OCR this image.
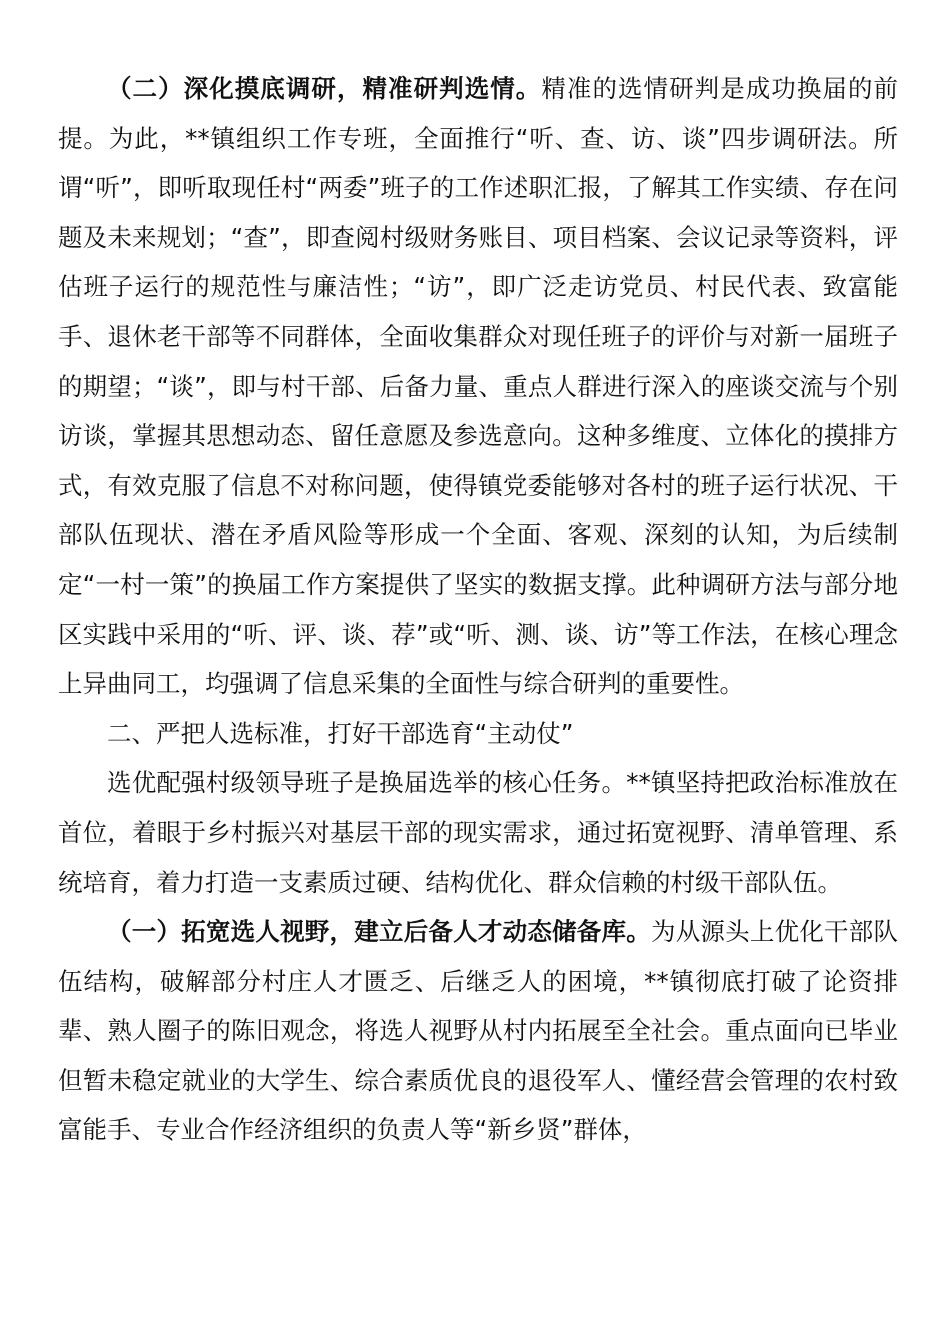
（二）深化摸底调研，精准研判选情。精准的选情研判是成功换届的前提。为此，**镇组织工作专班，全面推行“听、查、访、谈”四步调研法。所谓“听”，即听取现任村“两委”班子的工作述职汇报，了解其工作实绩、存在问题及未来规划；“查”，即查阅村级财务账目、项目档案、会议记录等资料，评估班子运行的规范性与廉洁性；“访”，即广泛走访党员、村民代表、致富能手、退休老干部等不同群体，全面收集群众对现任班子的评价与对新一届班子的期望；“谈”，即与村干部、后备力量、重点人群进行深入的座谈交流与个别访谈，掌握其思想动态、留任意愿及参选意向。这种多维度、立体化的摸排方式，有效克服了信息不对称问题，使得镇党委能够对各村的班子运行状况、干部队伍现状、潜在矛盾风险等形成一个全面、客观、深刻的认知，为后续制定“一村一策”的换届工作方案提供了坚实的数据支撑。此种调研方法与部分地区实践中采用的“听、评、谈、荐”或“听、测、谈、访”等工作法，在核心理念上异曲同工，均强调了信息采集的全面性与综合研判的重要性。

二、严把人选标准，打好干部选育“主动仗”

选优配强村级领导班子是换届选举的核心任务。**镇坚持把政治标准放在首位，着眼于乡村振兴对基层干部的现实需求，通过拓宽视野、清单管理、系统培育，着力打造一支素质过硬、结构优化、群众信赖的村级干部队伍。

（一）拓宽选人视野，建立后备人才动态储备库。为从源头上优化干部队伍结构，破解部分村庄人才匮乏、后继乏人的困境，**镇彻底打破了论资排辈、熟人圈子的陈旧观念，将选人视野从村内拓展至全社会。重点面向已毕业但暂未稳定就业的大学生、综合素质优良的退役军人、懂经营会管理的农村致富能手、专业合作经济组织的负责人等“新乡贤”群体，
